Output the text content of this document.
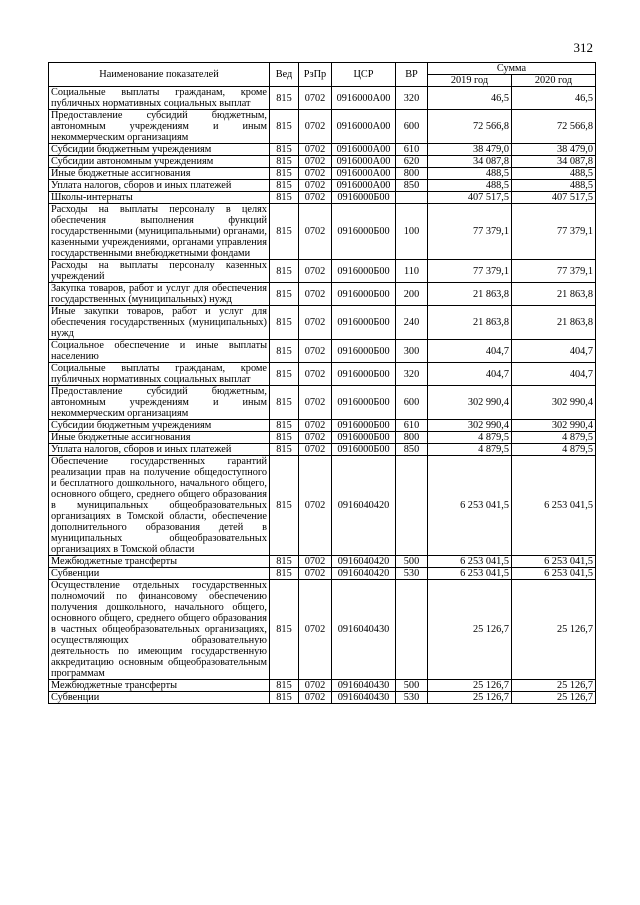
312
Наименование показателей	Вед	РзПр	ЦСР	ВР	Сумма	
					2019 год	2020 год
Социальные выплаты гражданам, кроме публичных нормативных социальных выплат	815	0702	0916000А00	320	46,5	46,5
Предоставление субсидий бюджетным, автономным учреждениям и иным некоммерческим организациям	815	0702	0916000А00	600	72 566,8	72 566,8
Субсидии бюджетным учреждениям	815	0702	0916000А00	610	38 479,0	38 479,0
Субсидии автономным учреждениям	815	0702	0916000А00	620	34 087,8	34 087,8
Иные бюджетные ассигнования	815	0702	0916000А00	800	488,5	488,5
Уплата налогов, сборов и иных платежей	815	0702	0916000А00	850	488,5	488,5
Школы-интернаты	815	0702	0916000Б00		407 517,5	407 517,5
Расходы на выплаты персоналу в целях обеспечения выполнения функций государственными (муниципальными) органами, казенными учреждениями, органами управления государственными внебюджетными фондами	815	0702	0916000Б00	100	77 379,1	77 379,1
Расходы на выплаты персоналу казенных учреждений	815	0702	0916000Б00	110	77 379,1	77 379,1
Закупка товаров, работ и услуг для обеспечения государственных (муниципальных) нужд	815	0702	0916000Б00	200	21 863,8	21 863,8
Иные закупки товаров, работ и услуг для обеспечения государственных (муниципальных) нужд	815	0702	0916000Б00	240	21 863,8	21 863,8
Социальное обеспечение и иные выплаты населению	815	0702	0916000Б00	300	404,7	404,7
Социальные выплаты гражданам, кроме публичных нормативных социальных выплат	815	0702	0916000Б00	320	404,7	404,7
Предоставление субсидий бюджетным, автономным учреждениям и иным некоммерческим организациям	815	0702	0916000Б00	600	302 990,4	302 990,4
Субсидии бюджетным учреждениям	815	0702	0916000Б00	610	302 990,4	302 990,4
Иные бюджетные ассигнования	815	0702	0916000Б00	800	4 879,5	4 879,5
Уплата налогов, сборов и иных платежей	815	0702	0916000Б00	850	4 879,5	4 879,5
Обеспечение государственных гарантий реализации прав на получение общедоступного и бесплатного дошкольного, начального общего, основного общего, среднего общего образования в муниципальных общеобразовательных организациях в Томской области, обеспечение дополнительного образования детей в муниципальных общеобразовательных организациях в Томской области	815	0702	0916040420		6 253 041,5	6 253 041,5
Межбюджетные трансферты	815	0702	0916040420	500	6 253 041,5	6 253 041,5
Субвенции	815	0702	0916040420	530	6 253 041,5	6 253 041,5
Осуществление отдельных государственных полномочий по финансовому обеспечению получения дошкольного, начального общего, основного общего, среднего общего образования в частных общеобразовательных организациях, осуществляющих образовательную деятельность по имеющим государственную аккредитацию основным общеобразовательным программам	815	0702	0916040430		25 126,7	25 126,7
Межбюджетные трансферты	815	0702	0916040430	500	25 126,7	25 126,7
Субвенции	815	0702	0916040430	530	25 126,7	25 126,7
